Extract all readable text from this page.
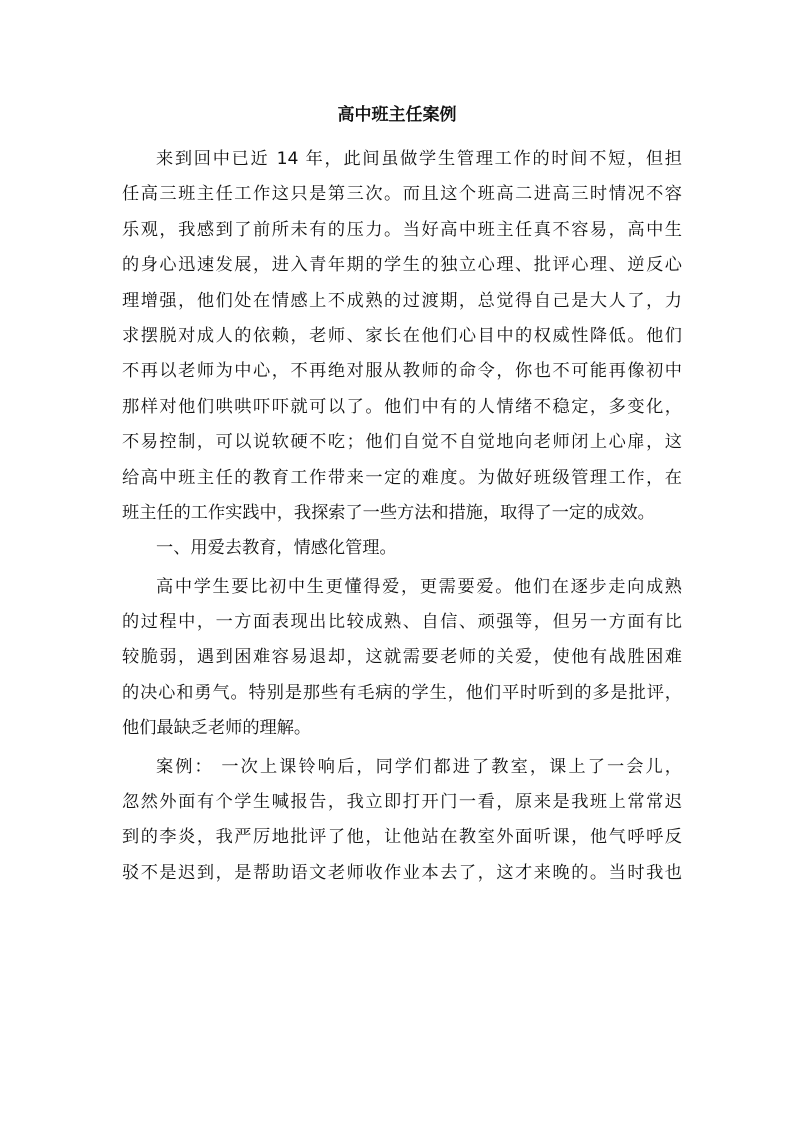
高中班主任案例
来到回中已近 14 年，此间虽做学生管理工作的时间不短，但担
任高三班主任工作这只是第三次。而且这个班高二进高三时情况不容
乐观，我感到了前所未有的压力。当好高中班主任真不容易，高中生
的身心迅速发展，进入青年期的学生的独立心理、批评心理、逆反心
理增强，他们处在情感上不成熟的过渡期，总觉得自己是大人了，力
求摆脱对成人的依赖，老师、家长在他们心目中的权威性降低。他们
不再以老师为中心，不再绝对服从教师的命令，你也不可能再像初中
那样对他们哄哄吓吓就可以了。他们中有的人情绪不稳定，多变化，
不易控制，可以说软硬不吃；他们自觉不自觉地向老师闭上心扉，这
给高中班主任的教育工作带来一定的难度。为做好班级管理工作，在
班主任的工作实践中，我探索了一些方法和措施，取得了一定的成效。
一、用爱去教育，情感化管理。
高中学生要比初中生更懂得爱，更需要爱。他们在逐步走向成熟
的过程中，一方面表现出比较成熟、自信、顽强等，但另一方面有比
较脆弱，遇到困难容易退却，这就需要老师的关爱，使他有战胜困难
的决心和勇气。特别是那些有毛病的学生，他们平时听到的多是批评，
他们最缺乏老师的理解。
案例： 一次上课铃响后，同学们都进了教室，课上了一会儿，
忽然外面有个学生喊报告，我立即打开门一看，原来是我班上常常迟
到的李炎，我严厉地批评了他，让他站在教室外面听课，他气呼呼反
驳不是迟到，是帮助语文老师收作业本去了，这才来晚的。当时我也
